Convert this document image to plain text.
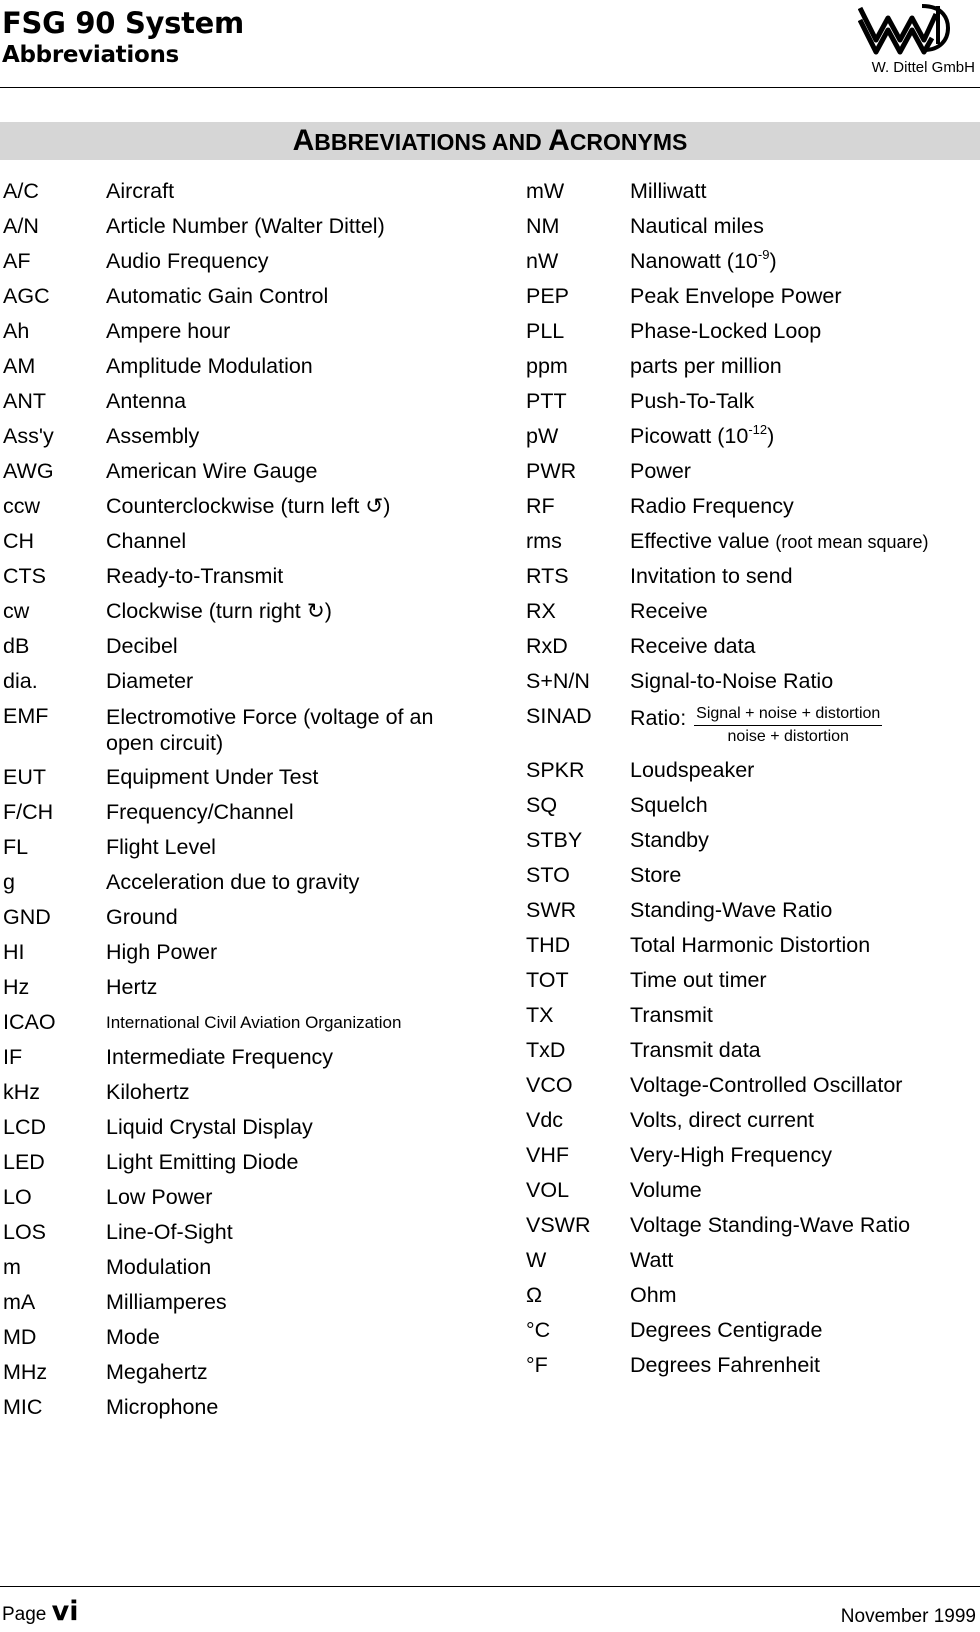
FSG 90 System
Abbreviations	W. Dittel GmbH
ABBREVIATIONS AND ACRONYMS
A/C	Aircraft
A/N	Article Number (Walter Dittel)
AF	Audio Frequency
AGC	Automatic Gain Control
Ah	Ampere hour
AM	Amplitude Modulation
ANT	Antenna
Ass'y Assembly
AWG American Wire Gauge
ccw	Counterclockwise (turn left ↺)
CH	Channel
CTS	Ready-to-Transmit
cw	Clockwise (turn right ↻)
dB	Decibel
dia.	Diameter
EMF	Electromotive Force (voltage of an open circuit)
EUT	Equipment Under Test
F/CH Frequency/Channel
FL	Flight Level
g	Acceleration due to gravity
GND	Ground
HI	High Power
Hz	Hertz
ICAO	International Civil Aviation Organization
IF	Intermediate Frequency
kHz	Kilohertz
LCD	Liquid Crystal Display
LED	Light Emitting Diode
LO	Low Power
LOS	Line-Of-Sight
m	Modulation
mA	Milliamperes
MD	Mode
MHz	Megahertz
MIC	Microphone
mW	Milliwatt
NM	Nautical miles
nW	Nanowatt $(10^{-9})$
PEP	Peak Envelope Power
PLL	Phase-Locked Loop
ppm	parts per million
PTT	Push-To-Talk
pW	Picowatt $(10^{-12})$
PWR	Power
RF	Radio Frequency
rms	Effective value (root mean square)
RTS	Invitation to send
RX	Receive
RxD	Receive data
S+N/N Signal-to-Noise Ratio
SINAD Ratio: $\frac{\text{Signal + noise + distortion}}{\text{noise + distortion}}$
SPKR Loudspeaker
SQ	Squelch
STBY Standby
STO	Store
SWR	Standing-Wave Ratio
THD	Total Harmonic Distortion
TOT	Time out timer
TX	Transmit
TxD	Transmit data
VCO	Voltage-Controlled Oscillator
Vdc	Volts, direct current
VHF	Very-High Frequency
VOL	Volume
VSWR Voltage Standing-Wave Ratio
W	Watt
Ω	Ohm
°C	Degrees Centigrade
°F	Degrees Fahrenheit
Page vi	November 1999
